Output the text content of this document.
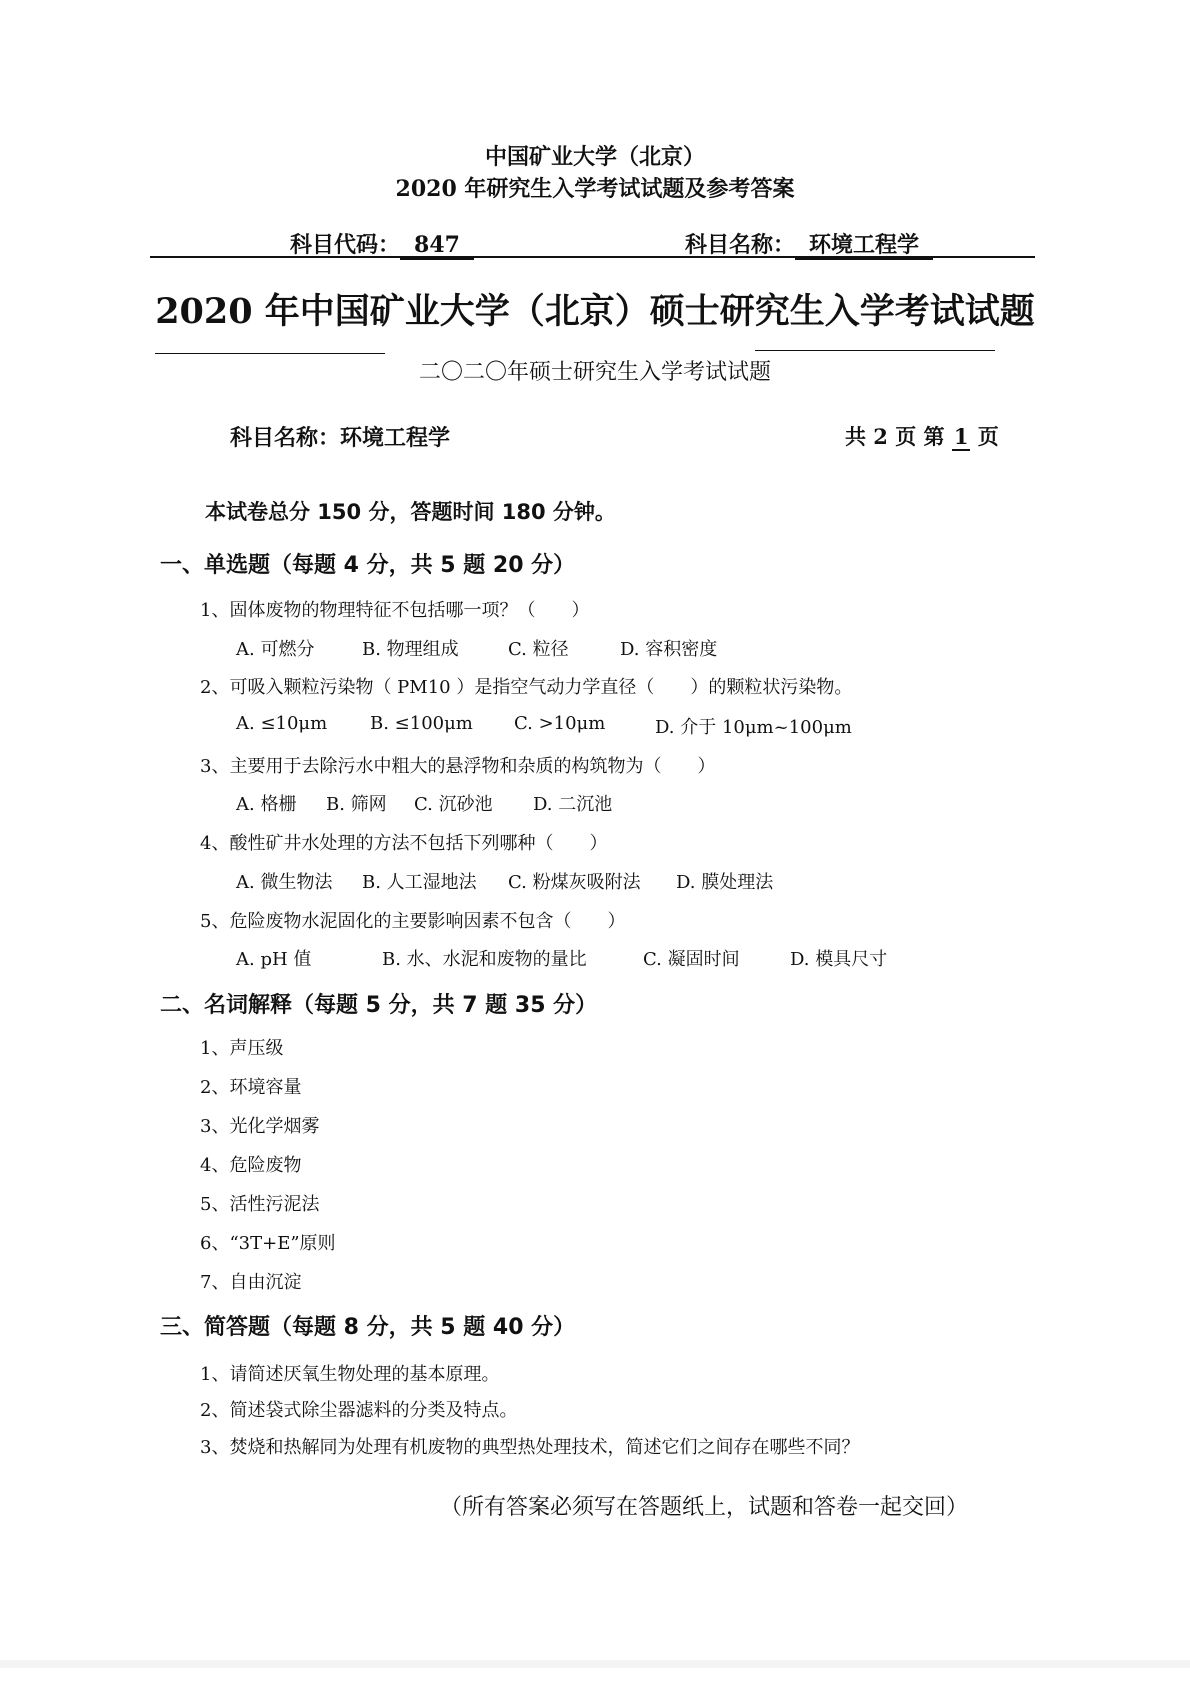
中国矿业大学（北京）
2020 年研究生入学考试试题及参考答案
科目代码： 847	科目名称： 环境工程学
2020 年中国矿业大学（北京）硕士研究生入学考试试题
二〇二〇年硕士研究生入学考试试题
科目名称：环境工程学	共 2 页 第 1 页
本试卷总分 150 分，答题时间 180 分钟。
一、单选题（每题 4 分，共 5 题 20 分）
1、固体废物的物理特征不包括哪一项？（　　）
A. 可燃分	B. 物理组成	C. 粒径	D. 容积密度
2、可吸入颗粒污染物（ PM10 ）是指空气动力学直径（　　）的颗粒状污染物。
A. ≤10μm B. ≤100μm C. >10μm	D. 介于 10μm~100μm
3、主要用于去除污水中粗大的悬浮物和杂质的构筑物为（　　）
A. 格栅 B. 筛网 C. 沉砂池 D. 二沉池
4、酸性矿井水处理的方法不包括下列哪种（　　）
A. 微生物法 B. 人工湿地法 C. 粉煤灰吸附法 D. 膜处理法
5、危险废物水泥固化的主要影响因素不包含（　　）
A. pH 值	B. 水、水泥和废物的量比	C. 凝固时间	D. 模具尺寸
二、名词解释（每题 5 分，共 7 题 35 分）
1、声压级
2、环境容量
3、光化学烟雾
4、危险废物
5、活性污泥法
6、“3T+E”原则
7、自由沉淀
三、简答题（每题 8 分，共 5 题 40 分）
1、请简述厌氧生物处理的基本原理。
2、简述袋式除尘器滤料的分类及特点。
3、焚烧和热解同为处理有机废物的典型热处理技术，简述它们之间存在哪些不同？
（所有答案必须写在答题纸上，试题和答卷一起交回）
